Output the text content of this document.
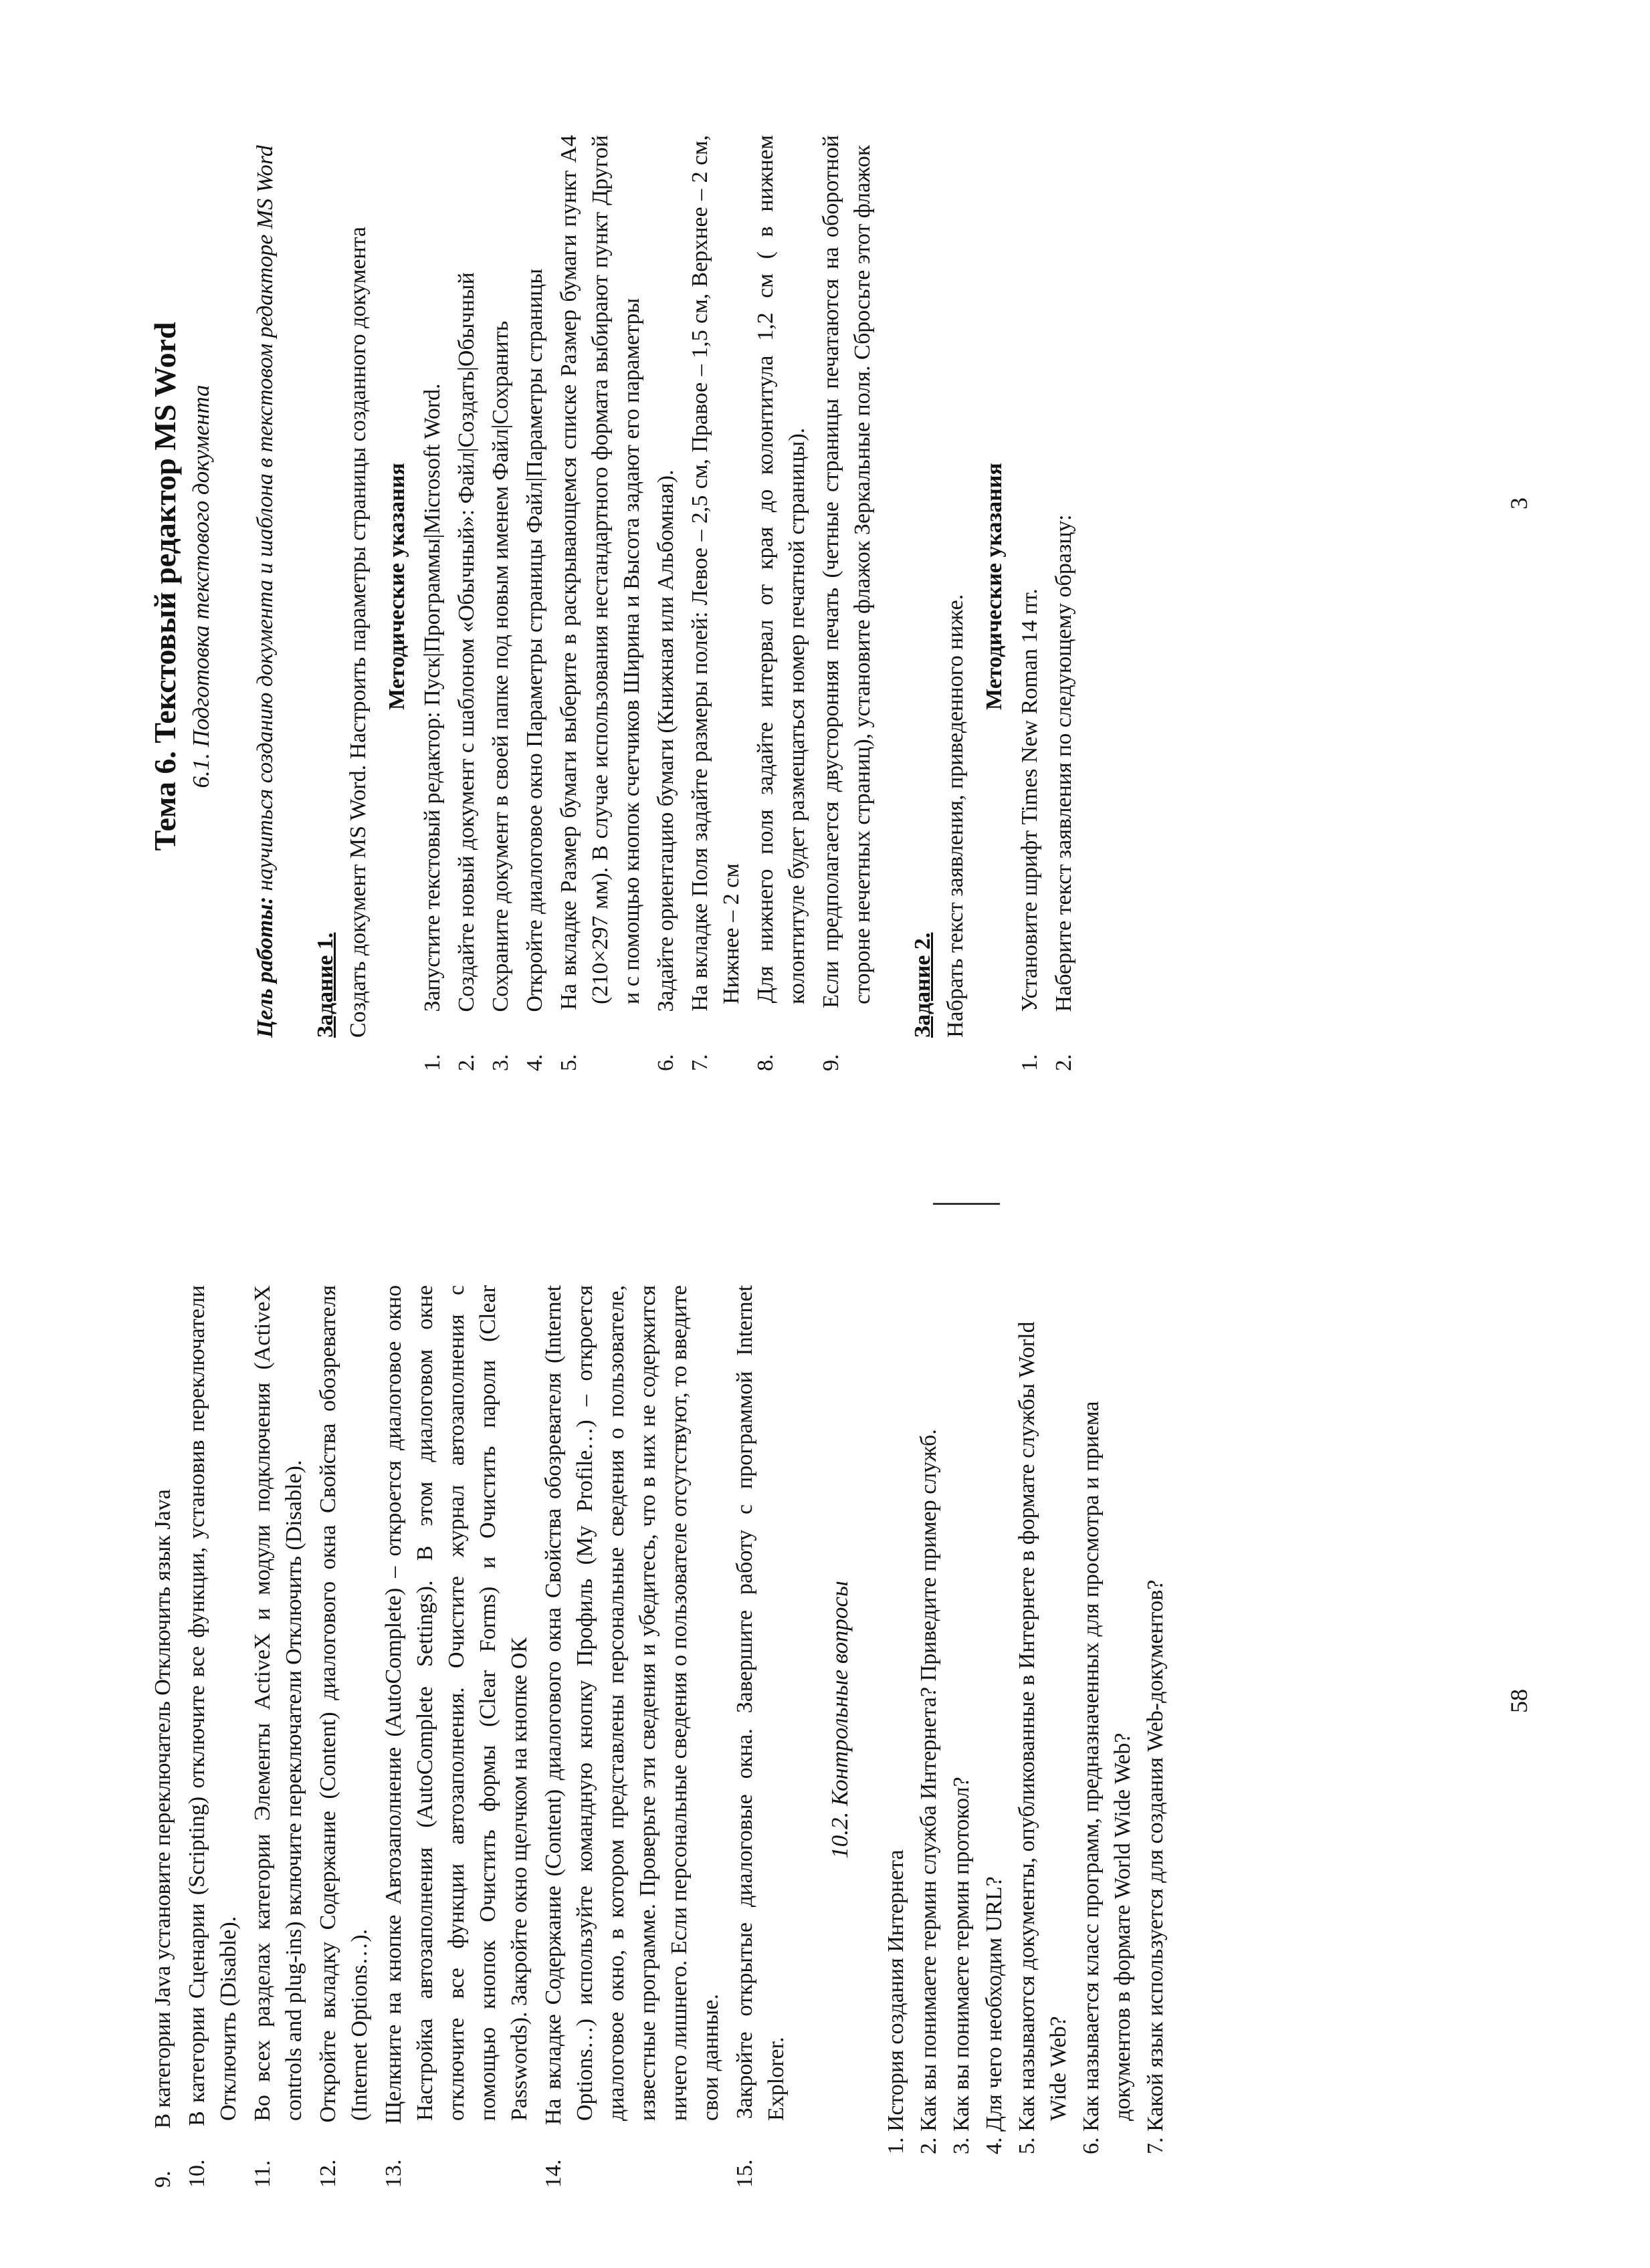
9. В категории Java установите переключатель Отключить язык Java

10. В категории Сценарии (Scripting) отключите все функции, установив переключатели Отключить (Disable).

11. Во всех разделах категории Элементы ActiveX и модули подключения (ActiveX controls and plug-ins) включите переключатели Отключить (Disable).

12. Откройте вкладку Содержание (Content) диалогового окна Свойства обозревателя (Internet Options…).

13. Щелкните на кнопке Автозаполнение (AutoComplete) – откроется диалоговое окно Настройка автозаполнения (AutoComplete Settings). В этом диалоговом окне отключите все функции автозаполнения. Очистите журнал автозаполнения с помощью кнопок Очистить формы (Clear Forms) и Очистить пароли (Clear Passwords). Закройте окно щелчком на кнопке ОК

14. На вкладке Содержание (Content) диалогового окна Свойства обозревателя (Internet Options…) используйте командную кнопку Профиль (My Profile…) – откроется диалоговое окно, в котором представлены персональные сведения о пользователе, известные программе. Проверьте эти сведения и убедитесь, что в них не содержится ничего лишнего. Если персональные сведения о пользователе отсутствуют, то введите свои данные.

15. Закройте открытые диалоговые окна. Завершите работу с программой Internet Explorer.

10.2. Контрольные вопросы

1. История создания Интернета

2. Как вы понимаете термин служба Интернета? Приведите пример служб.

3. Как вы понимаете термин протокол?

4. Для чего необходим URL?

5. Как называются документы, опубликованные в Интернете в формате службы World Wide Web?

6. Как называется класс программ, предназначенных для просмотра и приема документов в формате World Wide Web?

7. Какой язык используется для создания Web-документов?	58

Тема 6. Текстовый редактор MS Word 6.1. Подготовка текстового документа

Цель работы: научиться созданию документа и шаблона в текстовом редакторе MS Word

Задание 1. Создать документ MS Word. Настроить параметры страницы созданного документа Методические указания

1. Запустите текстовый редактор: Пуск|Программы|Microsoft Word.

2. Создайте новый документ с шаблоном «Обычный»: Файл|Создать|Обычный

3. Сохраните документ в своей папке под новым именем Файл|Сохранить

4. Откройте диалоговое окно Параметры страницы Файл|Параметры страницы

5. На вкладке Размер бумаги выберите в раскрывающемся списке Размер бумаги пункт А4 (210×297 мм). В случае использования нестандартного формата выбирают пункт Другой и с помощью кнопок счетчиков Ширина и Высота задают его параметры

6. Задайте ориентацию бумаги (Книжная или Альбомная).

7. На вкладке Поля задайте размеры полей: Левое – 2,5 см, Правое – 1,5 см, Верхнее – 2 см, Нижнее – 2 см

8. Для нижнего поля задайте интервал от края до колонтитула 1,2 см ( в нижнем колонтитуле будет размещаться номер печатной страницы).

9. Если предполагается двусторонняя печать (четные страницы печатаются на оборотной стороне нечетных страниц), установите флажок Зеркальные поля. Сбросьте этот флажок Задание 2. Набрать текст заявления, приведенного ниже.

Методические указания

1. Установите шрифт Times New Roman 14 пт.

2. Наберите текст заявления по следующему образцу:

3
